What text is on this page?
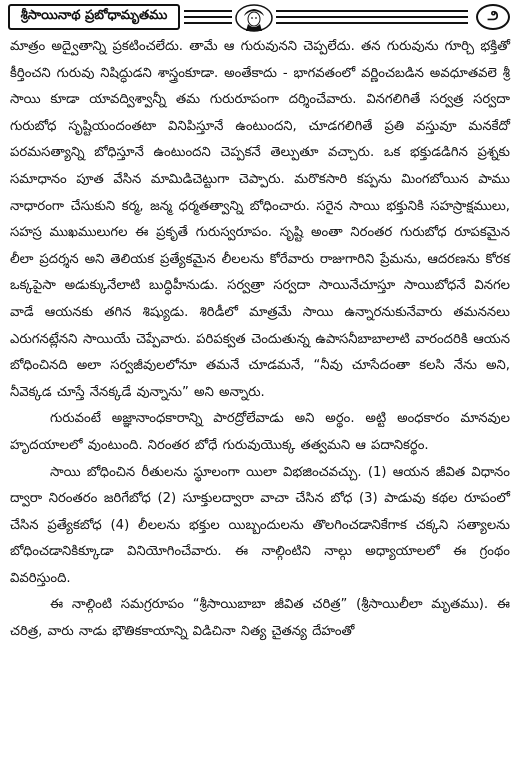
శ్రీసాయినాథ ప్రబోధామృతము	౨

మాత్రం అద్వైతాన్ని ప్రకటించలేదు. తామే ఆ గురువునని చెప్పలేదు. తన గురువును గూర్చి భక్తితో కీర్తించని గురువు నిషిద్ధుడని శాస్త్రంకూడా. అంతేకాదు - భాగవతంలో వర్ణించబడిన అవధూతవలె శ్రీ సాయి కూడా యావద్విశ్వాన్నీ తమ గురురూపంగా దర్శించేవారు. వినగలిగితే సర్వత్ర సర్వదా గురుబోధ సృష్టియందంతటా వినిపిస్తూనే ఉంటుందని, చూడగలిగితే ప్రతి వస్తువూ మనకేదో పరమసత్యాన్ని బోధిస్తూనే ఉంటుందని చెప్పకనే తెల్పుతూ వచ్చారు. ఒక భక్తుడడిగిన ప్రశ్నకు సమాధానం పూత వేసిన మామిడిచెట్టుగా చెప్పారు. మరొకసారి కప్పను మింగబోయిన పాము నాధారంగా చేసుకుని కర్మ, జన్మ ధర్మతత్వాన్ని బోధించారు. సరైన సాయి భక్తునికి సహస్రాక్షములు, సహస్ర ముఖములుగల ఈ ప్రకృతే గురుస్వరూపం. సృష్టి అంతా నిరంతర గురుబోధ రూపకమైన లీలా ప్రదర్శన అని తెలియక ప్రత్యేకమైన లీలలను కోరేవారు రాజుగారిని ప్రేమను, ఆదరణను కోరక ఒక్కపైసా అడుక్కునేలాటి బుద్ధిహీనుడు. సర్వత్రా సర్వదా సాయినేచూస్తూ సాయిబోధనే వినగల వాడే ఆయనకు తగిన శిష్యుడు. శిరిడీలో మాత్రమే సాయి ఉన్నారనుకునేవారు తమననలు ఎరుగనట్లేనని సాయియే చెప్పేవారు. పరిపక్వత చెందుతున్న ఉపాసనీబాబాలాటి వారందరికి ఆయన బోధించినది అలా సర్వజీవులలోనూ తమనే చూడమనే, “నీవు చూసేదంతా కలసి నేను అని, నీవెక్కడ చూస్తే నేనక్కడే వున్నాను” అని అన్నారు.

గురువంటే అజ్ఞానాంధకారాన్ని పారద్రోలేవాడు అని అర్థం. అట్టి అంధకారం మానవుల హృదయాలలో వుంటుంది. నిరంతర బోధే గురువుయొక్క తత్వమని ఆ పదానికర్థం.

సాయి బోధించిన రీతులను స్థూలంగా యిలా విభజించవచ్చు. (1) ఆయన జీవిత విధానం ద్వారా నిరంతరం జరిగేబోధ (2) సూక్తులద్వారా వాచా చేసిన బోధ (3) పాడువు కథల రూపంలో చేసిన ప్రత్యేకబోధ (4) లీలలను భక్తుల యిబ్బందులను తొలగించడానికేగాక చక్కని సత్యాలను బోధించడానికిక్కూడా వినియోగించేవారు. ఈ నాల్గింటిని నాల్గు అధ్యాయాలలో ఈ గ్రంథం వివరిస్తుంది.

ఈ నాల్గింటి సమగ్రరూపం “శ్రీసాయిబాబా జీవిత చరిత్ర” (శ్రీసాయిలీలా మృతము). ఈ చరిత్ర, వారు నాడు భౌతికకాయాన్ని విడిచినా నిత్య చైతన్య దేహంతో
